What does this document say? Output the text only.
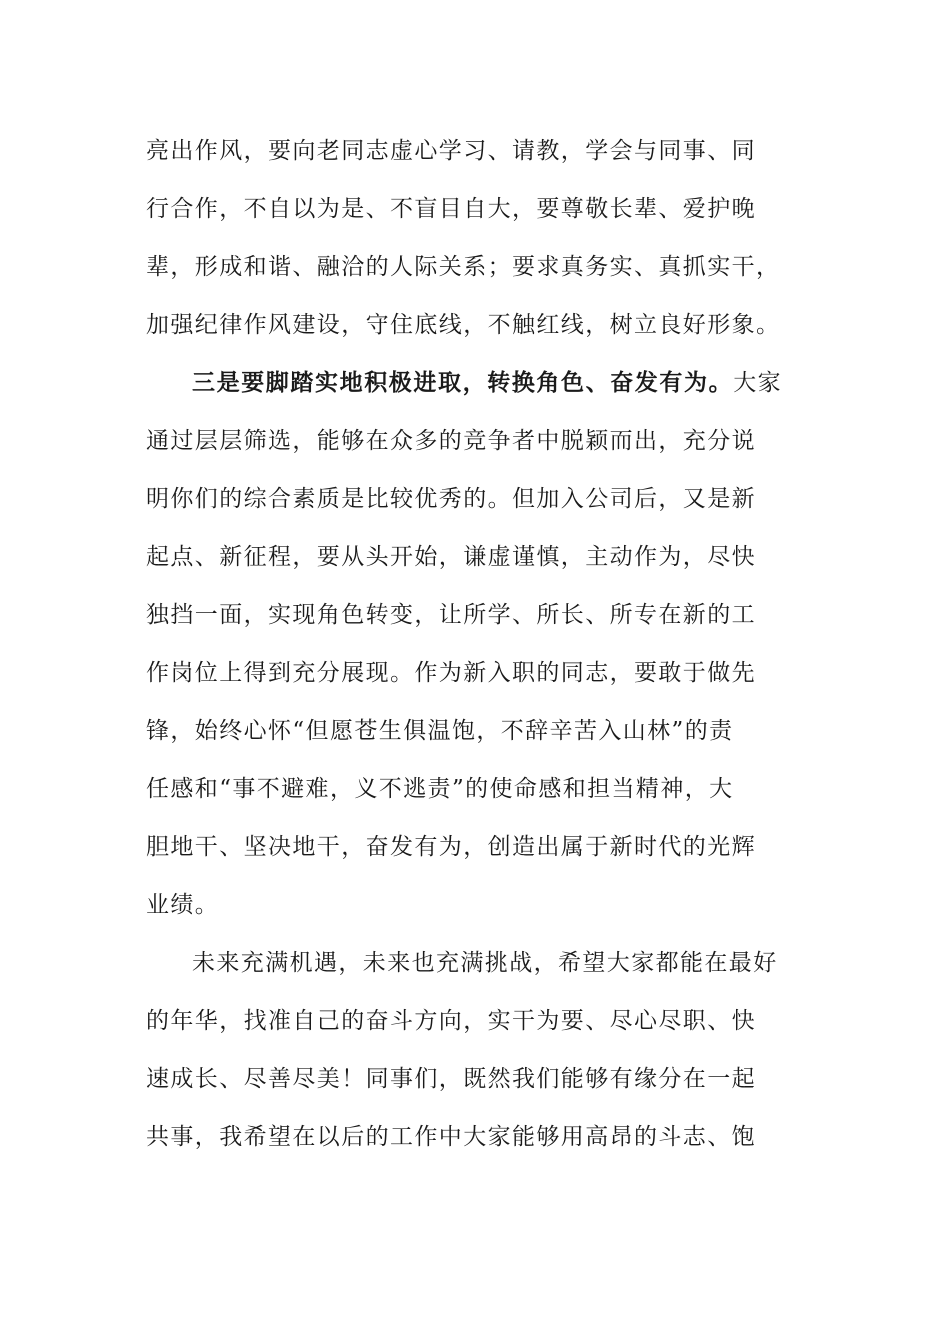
亮出作风，要向老同志虚心学习、请教，学会与同事、同
行合作，不自以为是、不盲目自大，要尊敬长辈、爱护晚
辈，形成和谐、融洽的人际关系；要求真务实、真抓实干，
加强纪律作风建设，守住底线，不触红线，树立良好形象。
三是要脚踏实地积极进取，转换角色、奋发有为。大家
通过层层筛选，能够在众多的竞争者中脱颖而出，充分说
明你们的综合素质是比较优秀的。但加入公司后，又是新
起点、新征程，要从头开始，谦虚谨慎，主动作为，尽快
独挡一面，实现角色转变，让所学、所长、所专在新的工
作岗位上得到充分展现。作为新入职的同志，要敢于做先
锋，始终心怀“但愿苍生俱温饱，不辞辛苦入山林”的责
任感和“事不避难，义不逃责”的使命感和担当精神，大
胆地干、坚决地干，奋发有为，创造出属于新时代的光辉
业绩。
未来充满机遇，未来也充满挑战，希望大家都能在最好
的年华，找准自己的奋斗方向，实干为要、尽心尽职、快
速成长、尽善尽美！同事们，既然我们能够有缘分在一起
共事，我希望在以后的工作中大家能够用高昂的斗志、饱
